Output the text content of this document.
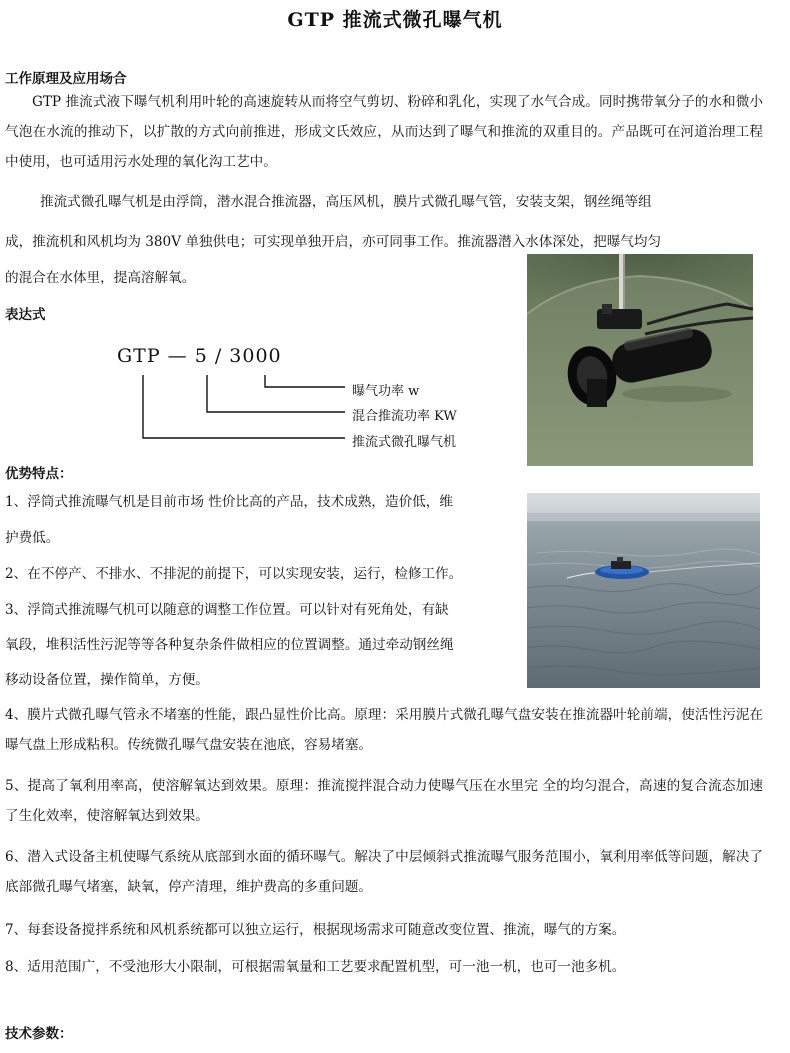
GTP 推流式微孔曝气机
工作原理及应用场合
GTP 推流式液下曝气机利用叶轮的高速旋转从而将空气剪切、粉碎和乳化，实现了水气合成。同时携带氧分子的水和微小气泡在水流的推动下，以扩散的方式向前推进，形成文氏效应，从而达到了曝气和推流的双重目的。产品既可在河道治理工程中使用，也可适用污水处理的氧化沟工艺中。
推流式微孔曝气机是由浮筒，潜水混合推流器，高压风机，膜片式微孔曝气管，安装支架，钢丝绳等组
成，推流机和风机均为 380V 单独供电；可实现单独开启，亦可同事工作。推流器潜入水体深处，把曝气均匀
的混合在水体里，提高溶解氧。
表达式
GTP — 5 / 3000
曝气功率 w
混合推流功率 KW
推流式微孔曝气机
优势特点：
1、浮筒式推流曝气机是目前市场 性价比高的产品，技术成熟，造价低，维
护费低。
2、在不停产、不排水、不排泥的前提下，可以实现安装，运行，检修工作。
3、浮筒式推流曝气机可以随意的调整工作位置。可以针对有死角处，有缺
氧段，堆积活性污泥等等各种复杂条件做相应的位置调整。通过牵动钢丝绳
移动设备位置，操作简单，方便。
4、膜片式微孔曝气管永不堵塞的性能，跟凸显性价比高。原理：采用膜片式微孔曝气盘安装在推流器叶轮前端，使活性污泥在曝气盘上形成粘积。传统微孔曝气盘安装在池底，容易堵塞。
5、提高了氧利用率高，使溶解氧达到效果。原理：推流搅拌混合动力使曝气压在水里完 全的均匀混合，高速的复合流态加速了生化效率，使溶解氧达到效果。
6、潜入式设备主机使曝气系统从底部到水面的循环曝气。解决了中层倾斜式推流曝气服务范围小，氧利用率低等问题，解决了底部微孔曝气堵塞，缺氧，停产清理，维护费高的多重问题。
7、每套设备搅拌系统和风机系统都可以独立运行，根据现场需求可随意改变位置、推流，曝气的方案。
8、适用范围广，不受池形大小限制，可根据需氧量和工艺要求配置机型，可一池一机，也可一池多机。
技术参数：
